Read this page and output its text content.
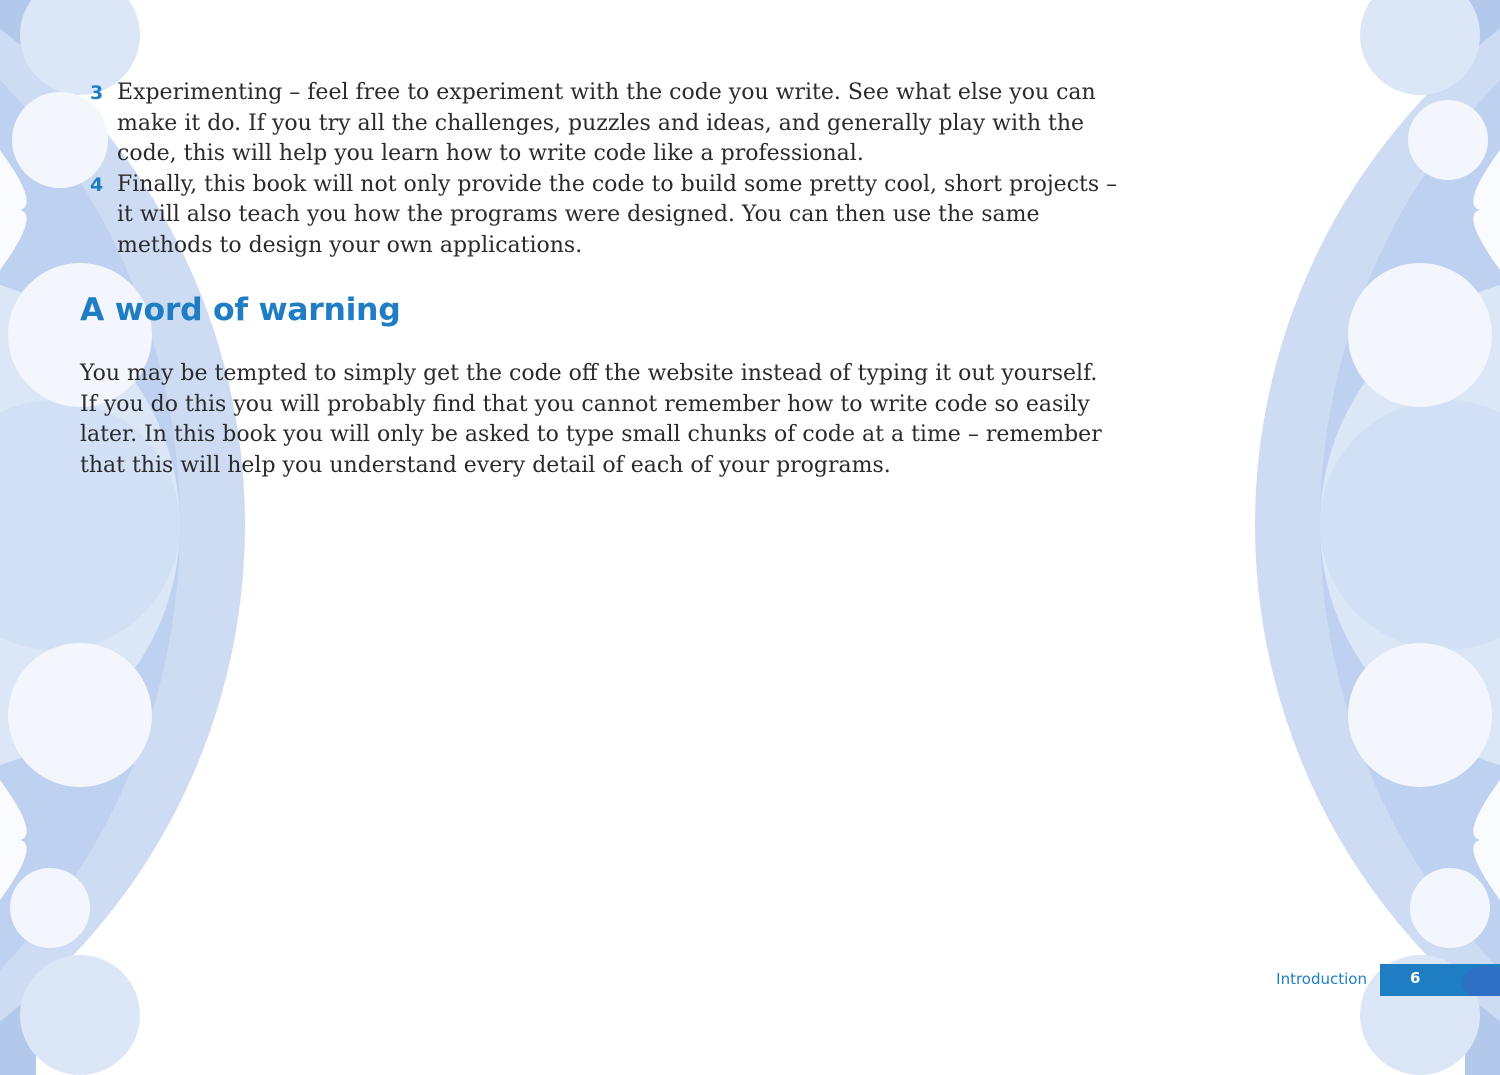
3 Experimenting – feel free to experiment with the code you write. See what else you can make it do. If you try all the challenges, puzzles and ideas, and generally play with the code, this will help you learn how to write code like a professional.
4 Finally, this book will not only provide the code to build some pretty cool, short projects – it will also teach you how the programs were designed. You can then use the same methods to design your own applications.
A word of warning

You may be tempted to simply get the code off the website instead of typing it out yourself. If you do this you will probably find that you cannot remember how to write code so easily later. In this book you will only be asked to type small chunks of code at a time – remember that this will help you understand every detail of each of your programs.

Introduction	6
